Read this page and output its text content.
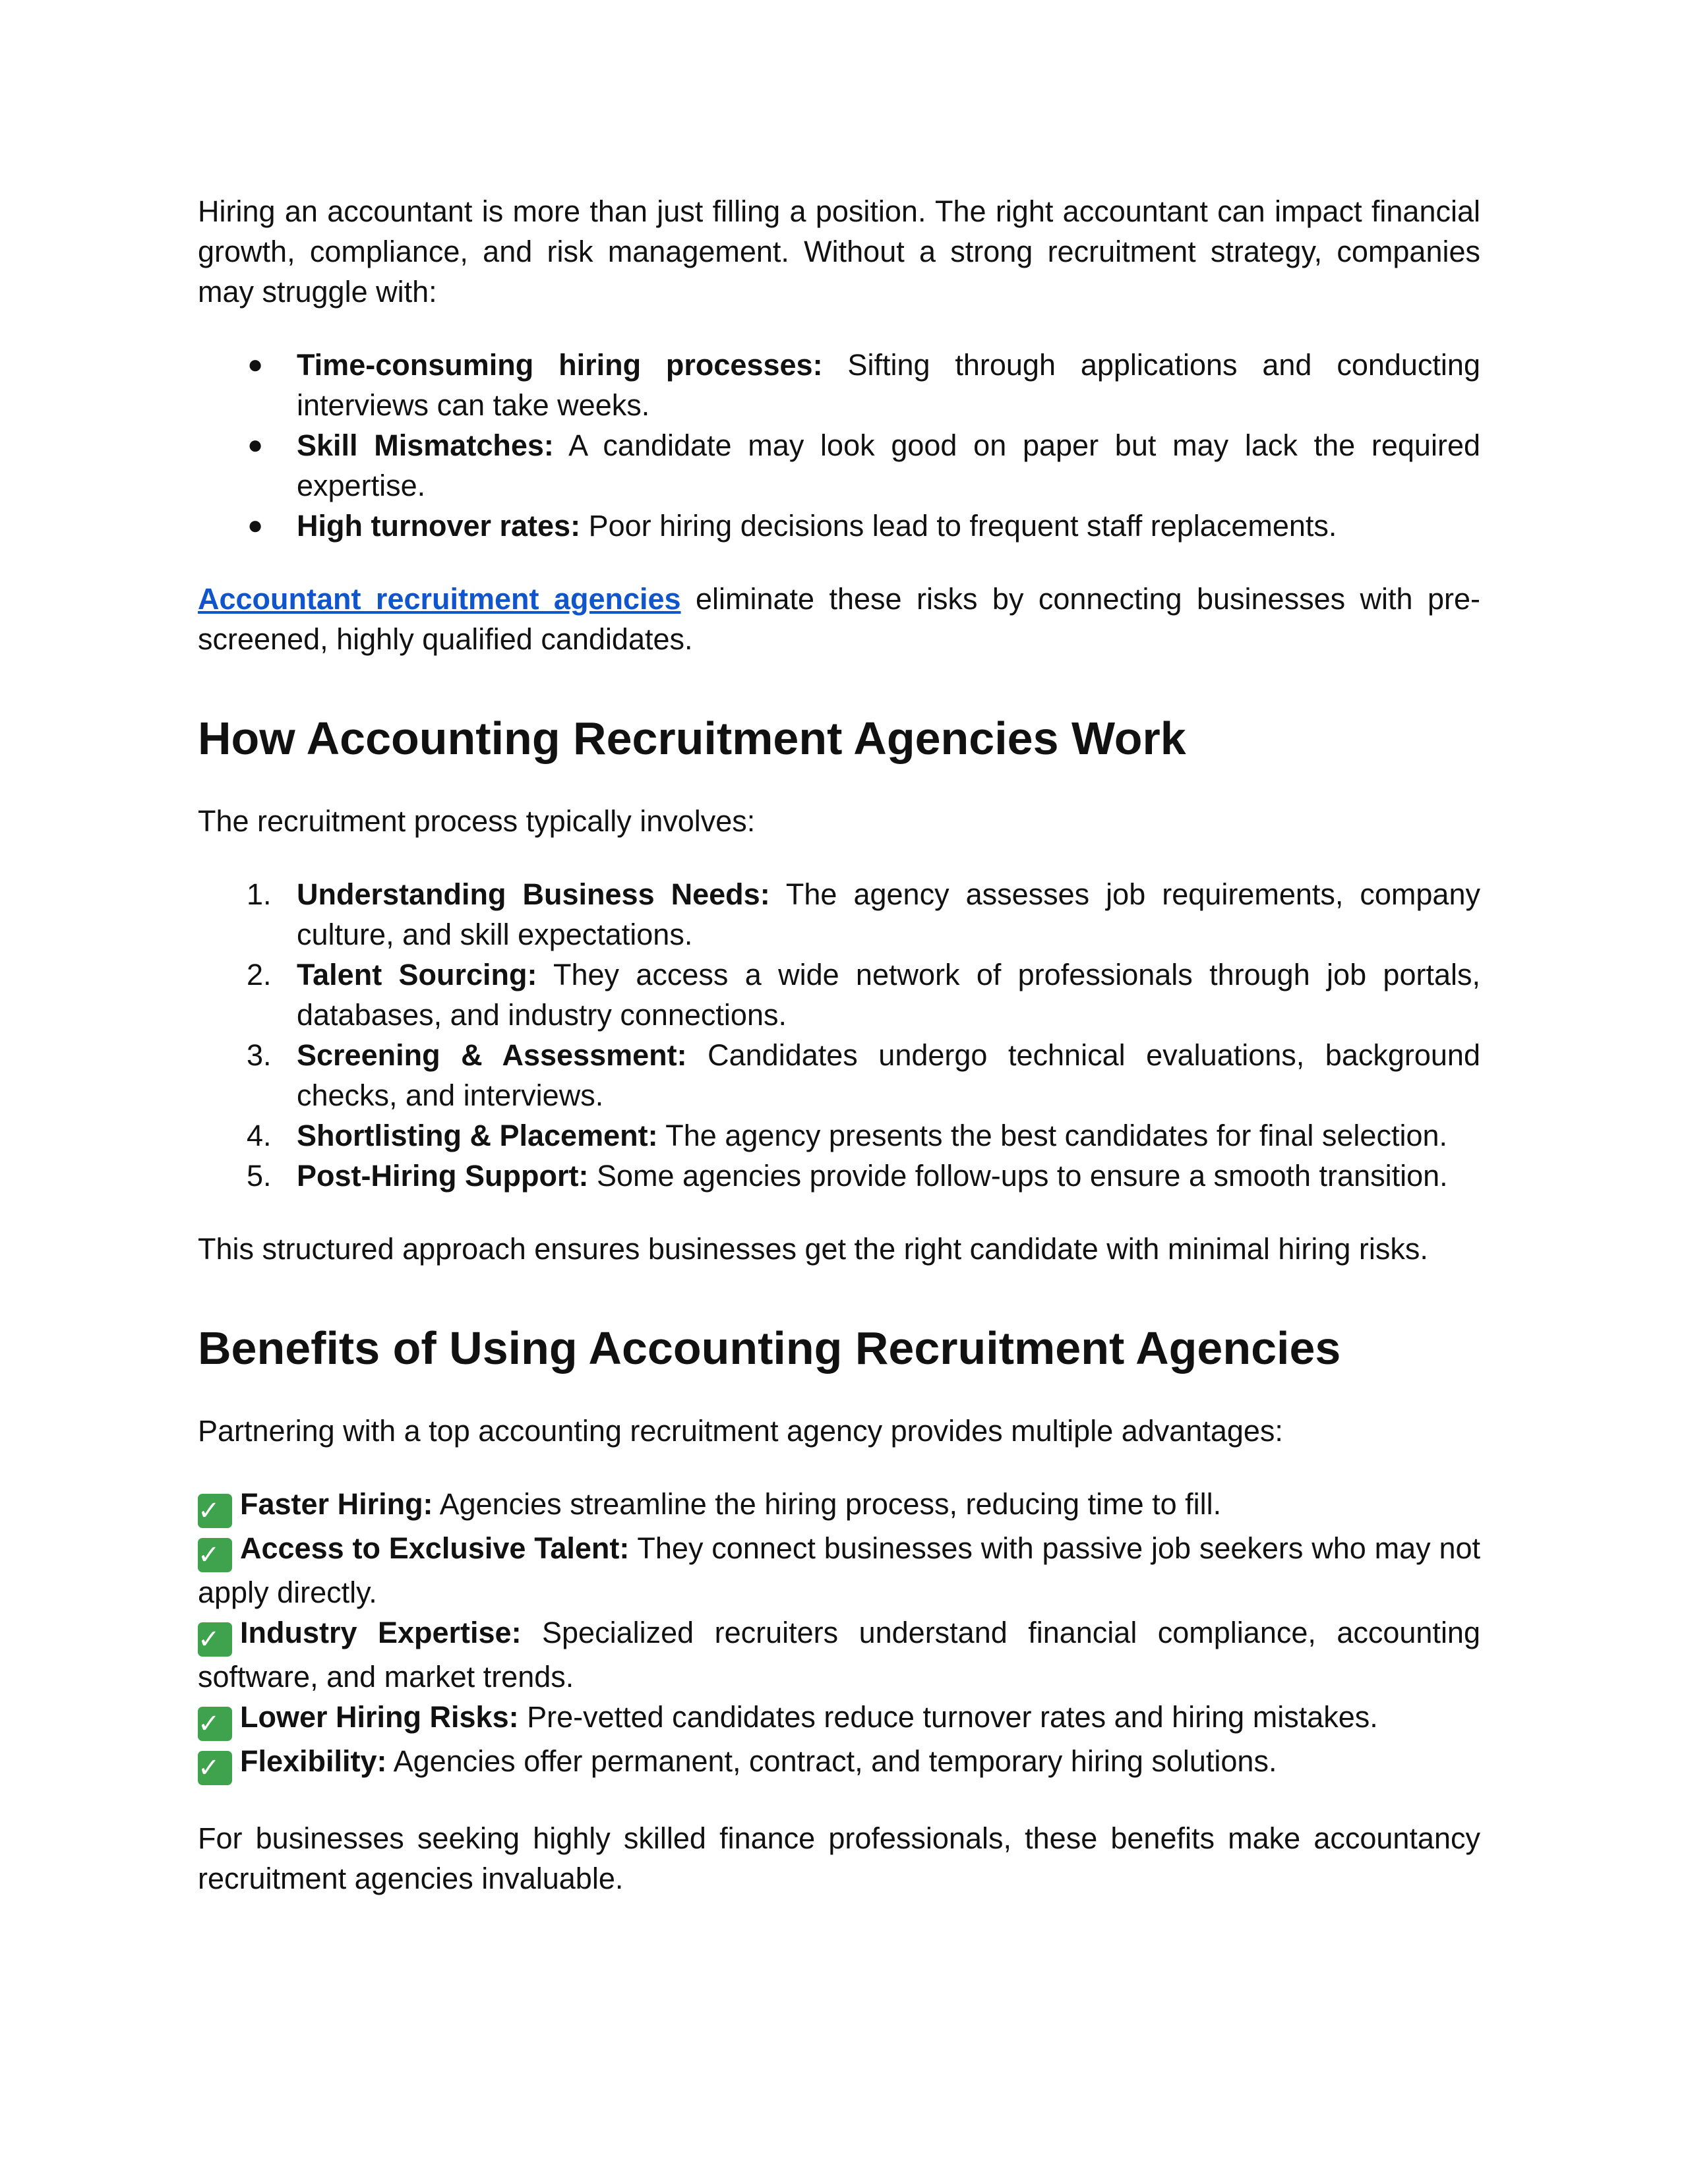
Hiring an accountant is more than just filling a position. The right accountant can impact financial growth, compliance, and risk management. Without a strong recruitment strategy, companies may struggle with:

● Time-consuming hiring processes: Sifting through applications and conducting interviews can take weeks.
● Skill Mismatches: A candidate may look good on paper but may lack the required expertise.
● High turnover rates: Poor hiring decisions lead to frequent staff replacements.

Accountant recruitment agencies eliminate these risks by connecting businesses with pre-screened, highly qualified candidates.

How Accounting Recruitment Agencies Work

The recruitment process typically involves:

1. Understanding Business Needs: The agency assesses job requirements, company culture, and skill expectations.
2. Talent Sourcing: They access a wide network of professionals through job portals, databases, and industry connections.
3. Screening & Assessment: Candidates undergo technical evaluations, background checks, and interviews.
4. Shortlisting & Placement: The agency presents the best candidates for final selection.
5. Post-Hiring Support: Some agencies provide follow-ups to ensure a smooth transition.

This structured approach ensures businesses get the right candidate with minimal hiring risks.

Benefits of Using Accounting Recruitment Agencies

Partnering with a top accounting recruitment agency provides multiple advantages:

✓ Faster Hiring: Agencies streamline the hiring process, reducing time to fill.
✓ Access to Exclusive Talent: They connect businesses with passive job seekers who may not apply directly.
✓ Industry Expertise: Specialized recruiters understand financial compliance, accounting software, and market trends.
✓ Lower Hiring Risks: Pre-vetted candidates reduce turnover rates and hiring mistakes.
✓ Flexibility: Agencies offer permanent, contract, and temporary hiring solutions.

For businesses seeking highly skilled finance professionals, these benefits make accountancy recruitment agencies invaluable.
